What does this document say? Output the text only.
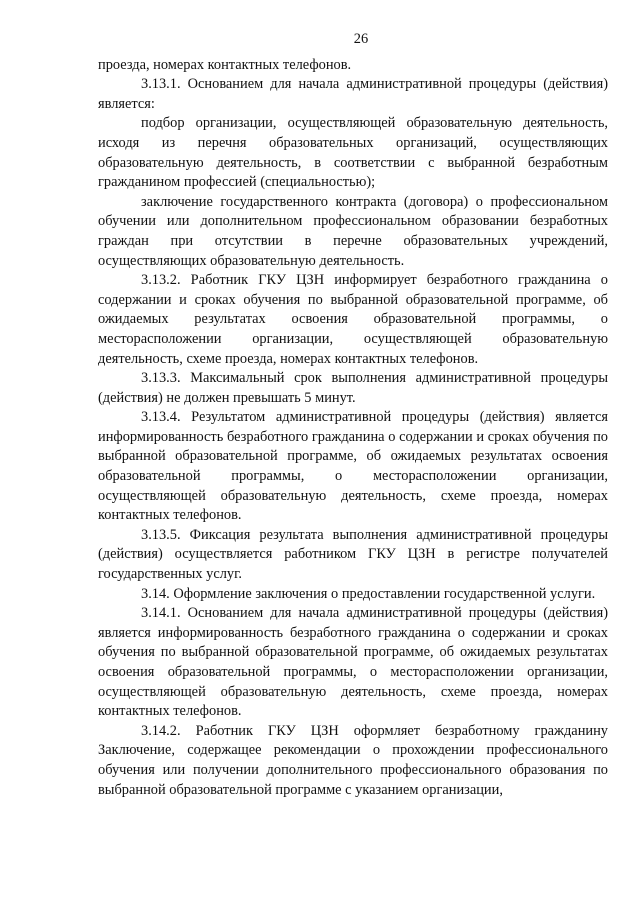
26

проезда, номерах контактных телефонов.

3.13.1. Основанием для начала административной процедуры (действия) является:

подбор организации, осуществляющей образовательную деятельность, исходя из перечня образовательных организаций, осуществляющих образовательную деятельность, в соответствии с выбранной безработным гражданином профессией (специальностью);

заключение государственного контракта (договора) о профессиональном обучении или дополнительном профессиональном образовании безработных граждан при отсутствии в перечне образовательных учреждений, осуществляющих образовательную деятельность.

3.13.2. Работник ГКУ ЦЗН информирует безработного гражданина о содержании и сроках обучения по выбранной образовательной программе, об ожидаемых результатах освоения образовательной программы, о месторасположении организации, осуществляющей образовательную деятельность, схеме проезда, номерах контактных телефонов.

3.13.3. Максимальный срок выполнения административной процедуры (действия) не должен превышать 5 минут.

3.13.4. Результатом административной процедуры (действия) является информированность безработного гражданина о содержании и сроках обучения по выбранной образовательной программе, об ожидаемых результатах освоения образовательной программы, о месторасположении организации, осуществляющей образовательную деятельность, схеме проезда, номерах контактных телефонов.

3.13.5. Фиксация результата выполнения административной процедуры (действия) осуществляется работником ГКУ ЦЗН в регистре получателей государственных услуг.

3.14. Оформление заключения о предоставлении государственной услуги.

3.14.1. Основанием для начала административной процедуры (действия) является информированность безработного гражданина о содержании и сроках обучения по выбранной образовательной программе, об ожидаемых результатах освоения образовательной программы, о месторасположении организации, осуществляющей образовательную деятельность, схеме проезда, номерах контактных телефонов.

3.14.2. Работник ГКУ ЦЗН оформляет безработному гражданину Заключение, содержащее рекомендации о прохождении профессионального обучения или получении дополнительного профессионального образования по выбранной образовательной программе с указанием организации,
